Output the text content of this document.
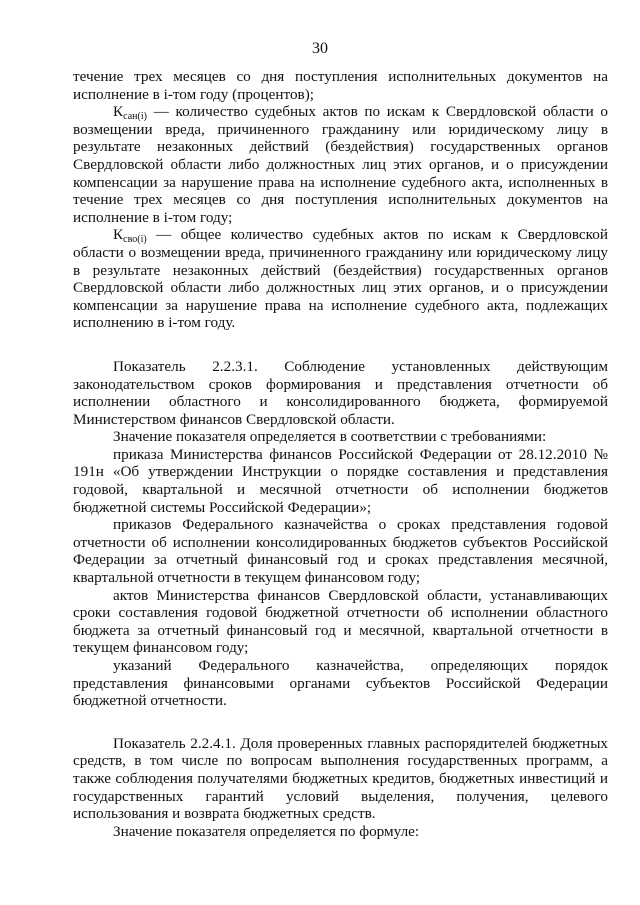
30

течение трех месяцев со дня поступления исполнительных документов на исполнение в i-том году (процентов);

$К_{сан(i)}$ — количество судебных актов по искам к Свердловской области о возмещении вреда, причиненного гражданину или юридическому лицу в результате незаконных действий (бездействия) государственных органов Свердловской области либо должностных лиц этих органов, и о присуждении компенсации за нарушение права на исполнение судебного акта, исполненных в течение трех месяцев со дня поступления исполнительных документов на исполнение в i-том году;

$К_{сво(i)}$ — общее количество судебных актов по искам к Свердловской области о возмещении вреда, причиненного гражданину или юридическому лицу в результате незаконных действий (бездействия) государственных органов Свердловской области либо должностных лиц этих органов, и о присуждении компенсации за нарушение права на исполнение судебного акта, подлежащих исполнению в i-том году.

Показатель 2.2.3.1. Соблюдение установленных действующим законодательством сроков формирования и представления отчетности об исполнении областного и консолидированного бюджета, формируемой Министерством финансов Свердловской области.

Значение показателя определяется в соответствии с требованиями:

приказа Министерства финансов Российской Федерации от 28.12.2010 № 191н «Об утверждении Инструкции о порядке составления и представления годовой, квартальной и месячной отчетности об исполнении бюджетов бюджетной системы Российской Федерации»;

приказов Федерального казначейства о сроках представления годовой отчетности об исполнении консолидированных бюджетов субъектов Российской Федерации за отчетный финансовый год и сроках представления месячной, квартальной отчетности в текущем финансовом году;

актов Министерства финансов Свердловской области, устанавливающих сроки составления годовой бюджетной отчетности об исполнении областного бюджета за отчетный финансовый год и месячной, квартальной отчетности в текущем финансовом году;

указаний Федерального казначейства, определяющих порядок представления финансовыми органами субъектов Российской Федерации бюджетной отчетности.

Показатель 2.2.4.1. Доля проверенных главных распорядителей бюджетных средств, в том числе по вопросам выполнения государственных программ, а также соблюдения получателями бюджетных кредитов, бюджетных инвестиций и государственных гарантий условий выделения, получения, целевого использования и возврата бюджетных средств.

Значение показателя определяется по формуле:
